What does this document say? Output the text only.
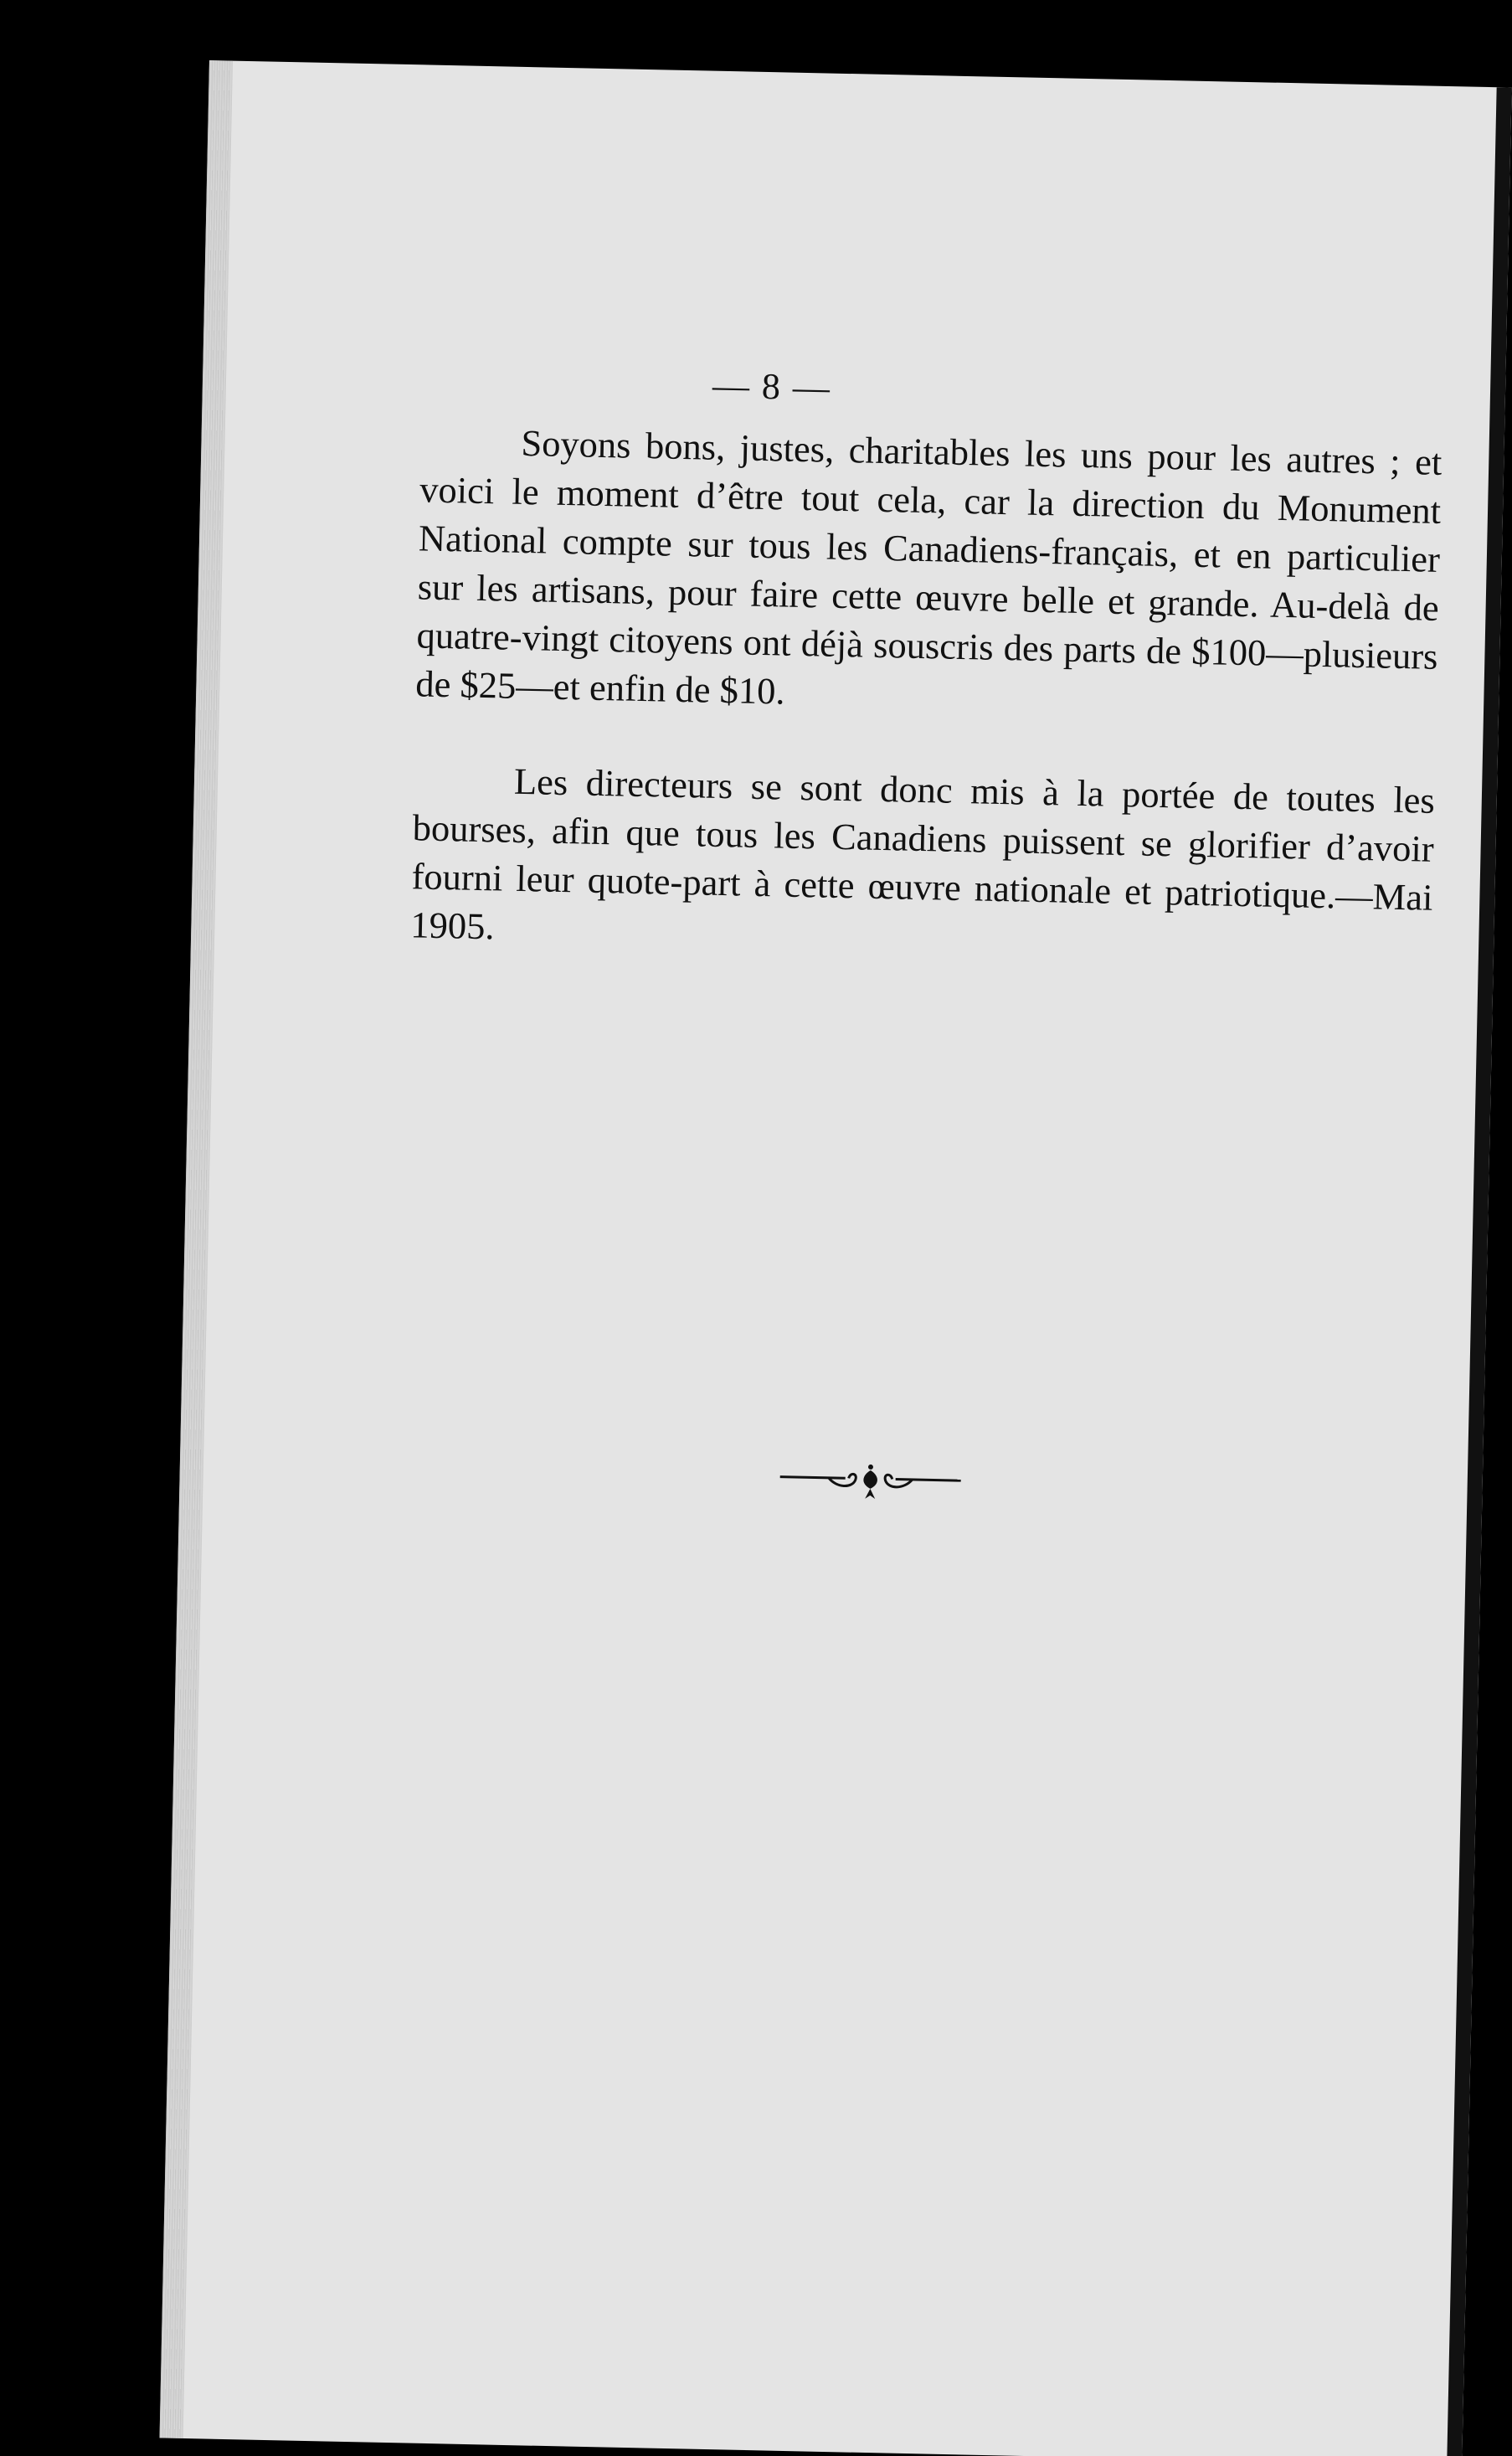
— 8 —

Soyons bons, justes, charitables les uns pour les autres ; et voici le moment d’être tout cela, car la direction du Monument National compte sur tous les Canadiens-français, et en particulier sur les artisans, pour faire cette œuvre belle et grande. Au-delà de quatre-vingt citoyens ont déjà souscris des parts de $100—plusieurs de $25—et enfin de $10.

Les directeurs se sont donc mis à la portée de toutes les bourses, afin que tous les Canadiens puissent se glorifier d’avoir fourni leur quote-part à cette œuvre nationale et patriotique.—Mai 1905.
